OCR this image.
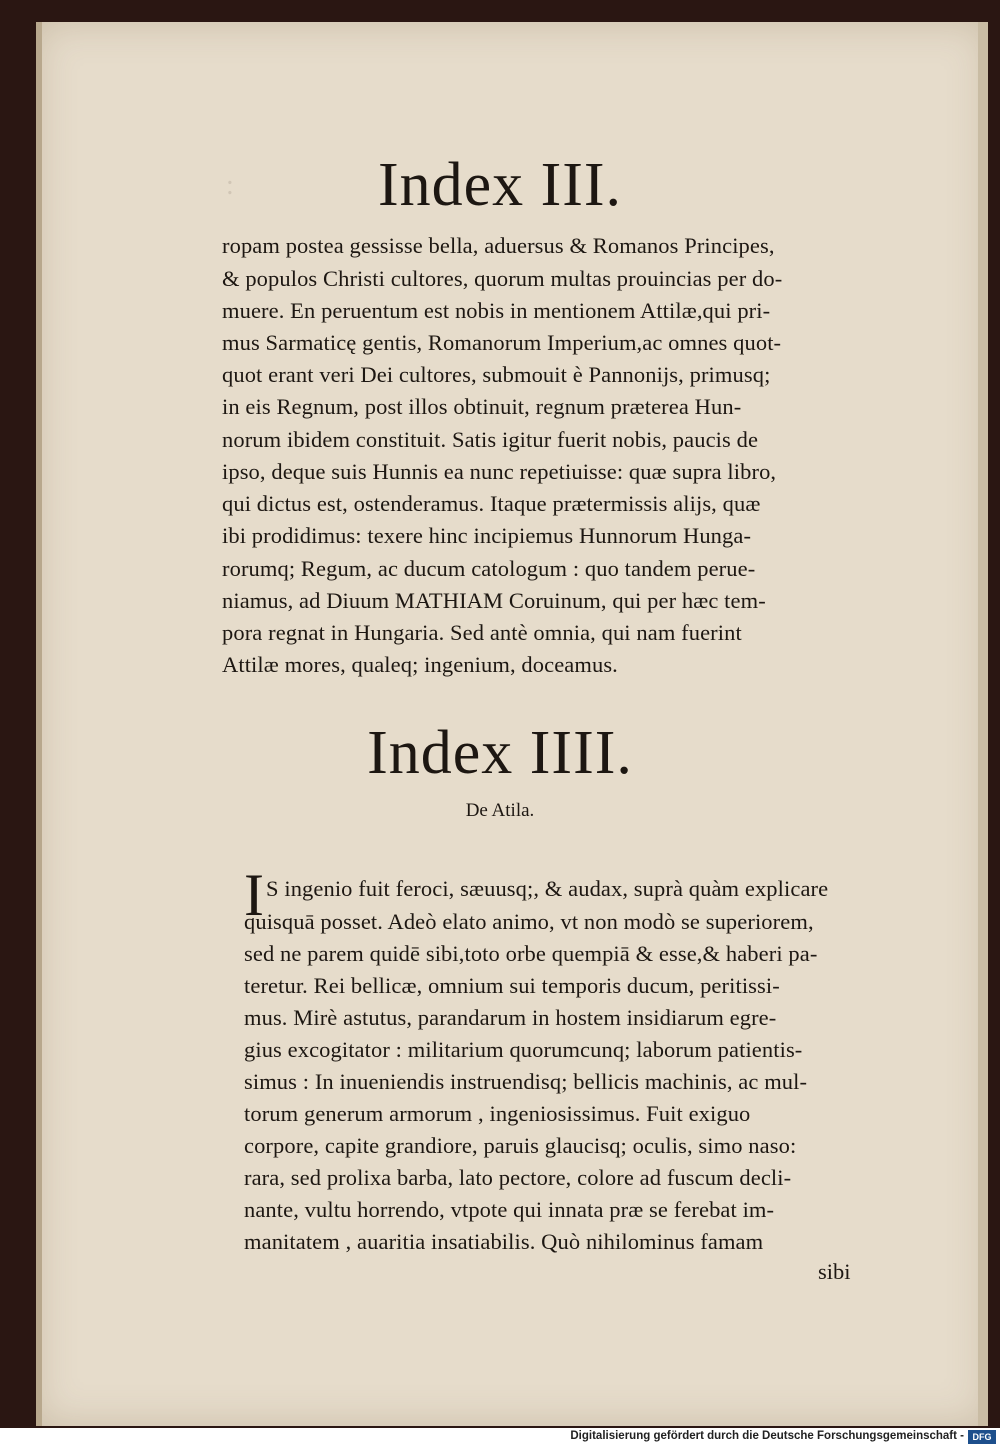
:	Index III.
ropam postea gessisse bella, aduersus & Romanos Principes,
& populos Christi cultores, quorum multas prouincias per do-
muere. En peruentum est nobis in mentionem Attilæ,qui pri-
mus Sarmaticę gentis, Romanorum Imperium,ac omnes quot-
quot erant veri Dei cultores, submouit è Pannonijs, primusq;
in eis Regnum, post illos obtinuit, regnum præterea Hun-
norum ibidem constituit. Satis igitur fuerit nobis, paucis de
ipso, deque suis Hunnis ea nunc repetiuisse: quæ supra libro,
qui dictus est, ostenderamus. Itaque prætermissis alijs, quæ
ibi prodidimus: texere hinc incipiemus Hunnorum Hunga-
rorumq; Regum, ac ducum catologum : quo tandem perue-
niamus, ad Diuum MATHIAM Coruinum, qui per hæc tem-
pora regnat in Hungaria. Sed antè omnia, qui nam fuerint
Attilæ mores, qualeq; ingenium, doceamus.
Index IIII.
De Atila.
I S ingenio fuit feroci, sæuusq;, & audax, suprà quàm explicare
quisquā posset. Adeò elato animo, vt non modò se superiorem,
sed ne parem quidē sibi,toto orbe quempiā & esse,& haberi pa-
teretur. Rei bellicæ, omnium sui temporis ducum, peritissi-
mus. Mirè astutus, parandarum in hostem insidiarum egre-
gius excogitator : militarium quorumcunq; laborum patientis-
simus : In inueniendis instruendisq; bellicis machinis, ac mul-
torum generum armorum , ingeniosissimus. Fuit exiguo
corpore, capite grandiore, paruis glaucisq; oculis, simo naso:
rara, sed prolixa barba, lato pectore, colore ad fuscum decli-
nante, vultu horrendo, vtpote qui innata præ se ferebat im-
manitatem , auaritia insatiabilis. Quò nihilominus famam
sibi
Digitalisierung gefördert durch die Deutsche Forschungsgemeinschaft - DFG
